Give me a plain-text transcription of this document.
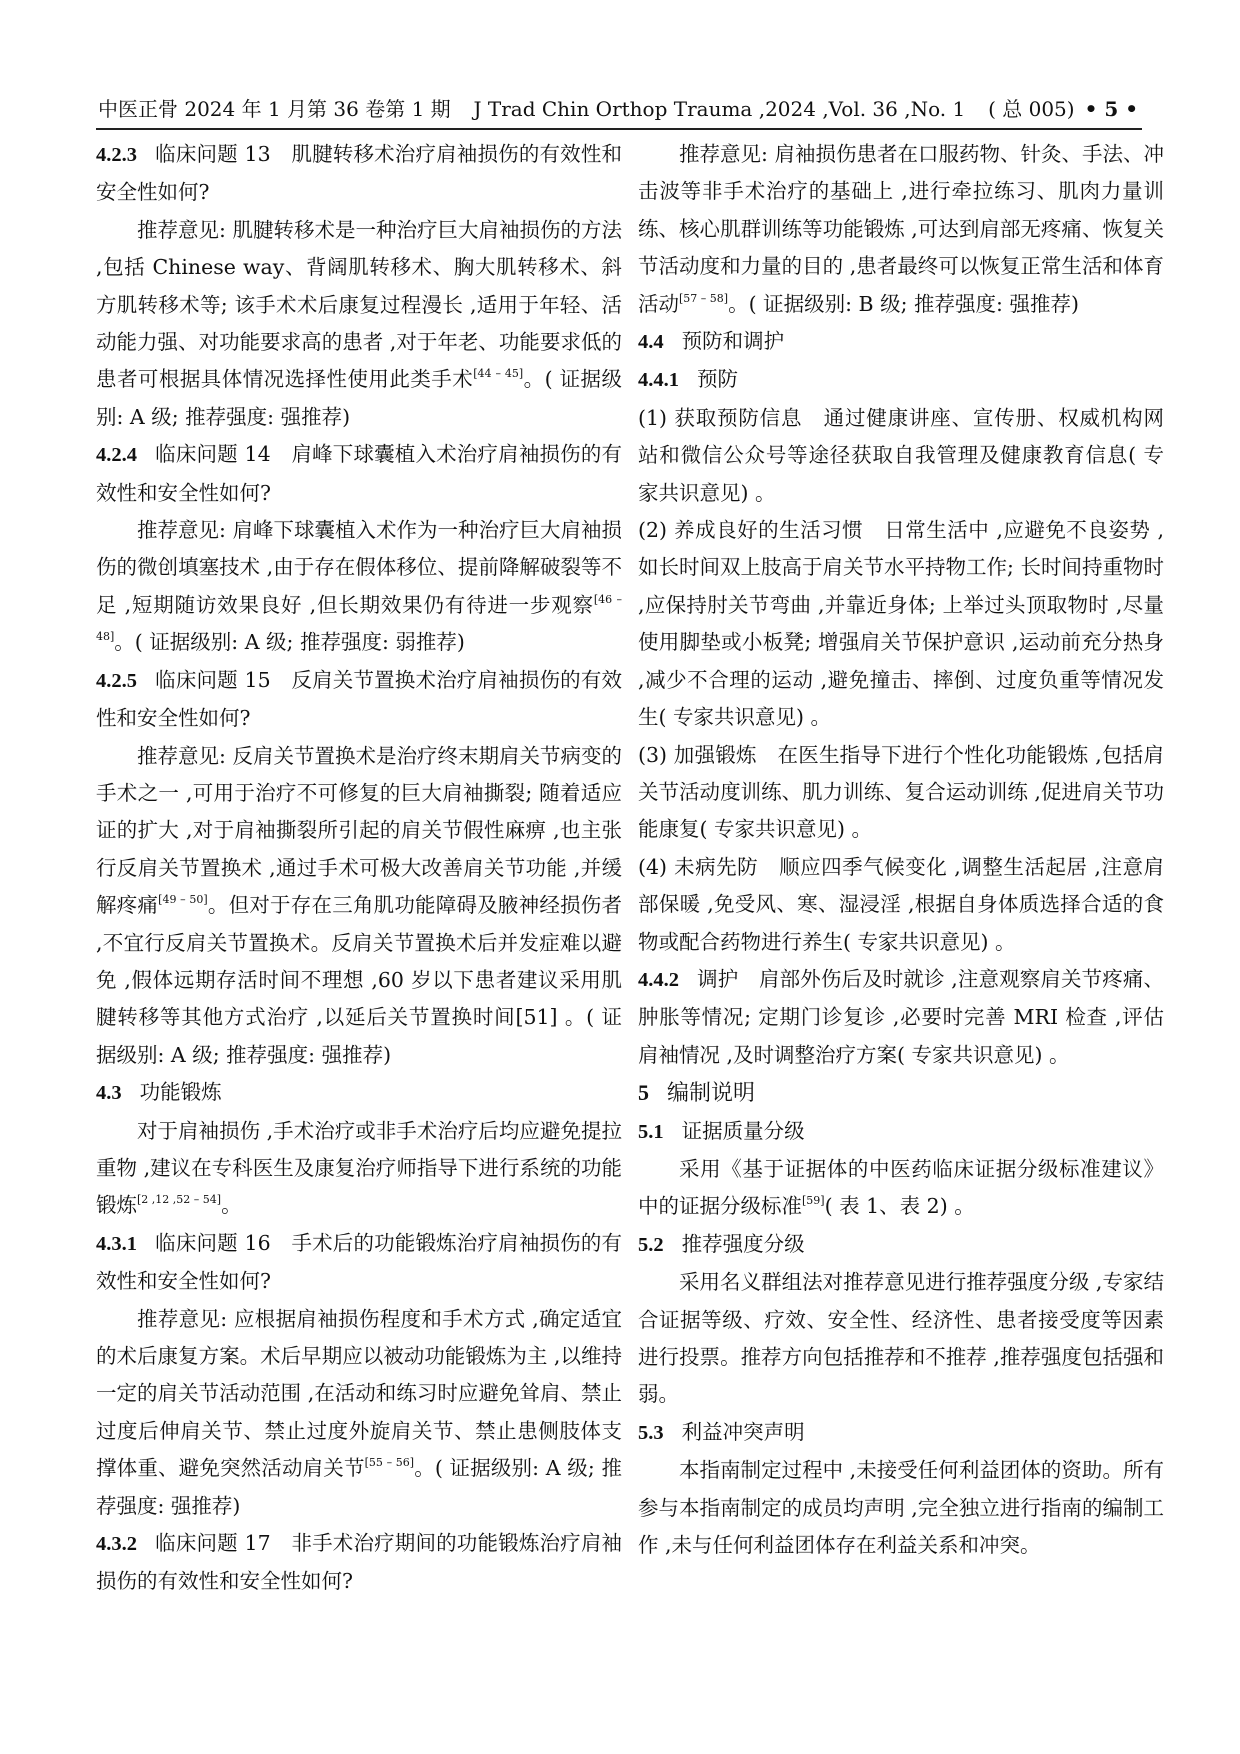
中医正骨 2024 年 1 月第 36 卷第 1 期 J Trad Chin Orthop Trauma ,2024 ,Vol. 36 ,No. 1 ( 总 005) • 5 •

4.2.3 临床问题 13　肌腱转移术治疗肩袖损伤的有效性和安全性如何?

推荐意见: 肌腱转移术是一种治疗巨大肩袖损伤的方法 ,包括 Chinese way、背阔肌转移术、胸大肌转移术、斜方肌转移术等; 该手术术后康复过程漫长 ,适用于年轻、活动能力强、对功能要求高的患者 ,对于年老、功能要求低的患者可根据具体情况选择性使用此类手术[44 – 45]。( 证据级别: A 级; 推荐强度: 强推荐)

4.2.4 临床问题 14　肩峰下球囊植入术治疗肩袖损伤的有效性和安全性如何?

推荐意见: 肩峰下球囊植入术作为一种治疗巨大肩袖损伤的微创填塞技术 ,由于存在假体移位、提前降解破裂等不足 ,短期随访效果良好 ,但长期效果仍有待进一步观察[46 – 48]。( 证据级别: A 级; 推荐强度: 弱推荐)

4.2.5 临床问题 15　反肩关节置换术治疗肩袖损伤的有效性和安全性如何?

推荐意见: 反肩关节置换术是治疗终末期肩关节病变的手术之一 ,可用于治疗不可修复的巨大肩袖撕裂; 随着适应证的扩大 ,对于肩袖撕裂所引起的肩关节假性麻痹 ,也主张行反肩关节置换术 ,通过手术可极大改善肩关节功能 ,并缓解疼痛[49 – 50]。但对于存在三角肌功能障碍及腋神经损伤者 ,不宜行反肩关节置换术。反肩关节置换术后并发症难以避免 ,假体远期存活时间不理想 ,60 岁以下患者建议采用肌腱转移等其他方式治疗 ,以延后关节置换时间[51] 。( 证据级别: A 级; 推荐强度: 强推荐)

4.3 功能锻炼

对于肩袖损伤 ,手术治疗或非手术治疗后均应避免提拉重物 ,建议在专科医生及康复治疗师指导下进行系统的功能锻炼[2 ,12 ,52 – 54]。

4.3.1 临床问题 16　手术后的功能锻炼治疗肩袖损伤的有效性和安全性如何?

推荐意见: 应根据肩袖损伤程度和手术方式 ,确定适宜的术后康复方案。术后早期应以被动功能锻炼为主 ,以维持一定的肩关节活动范围 ,在活动和练习时应避免耸肩、禁止过度后伸肩关节、禁止过度外旋肩关节、禁止患侧肢体支撑体重、避免突然活动肩关节[55 – 56]。( 证据级别: A 级; 推荐强度: 强推荐)

4.3.2 临床问题 17　非手术治疗期间的功能锻炼治疗肩袖损伤的有效性和安全性如何?

推荐意见: 肩袖损伤患者在口服药物、针灸、手法、冲击波等非手术治疗的基础上 ,进行牵拉练习、肌肉力量训练、核心肌群训练等功能锻炼 ,可达到肩部无疼痛、恢复关节活动度和力量的目的 ,患者最终可以恢复正常生活和体育活动[57 – 58]。( 证据级别: B 级; 推荐强度: 强推荐)

4.4 预防和调护

4.4.1 预防

(1) 获取预防信息　通过健康讲座、宣传册、权威机构网站和微信公众号等途径获取自我管理及健康教育信息( 专家共识意见) 。

(2) 养成良好的生活习惯　日常生活中 ,应避免不良姿势 ,如长时间双上肢高于肩关节水平持物工作; 长时间持重物时 ,应保持肘关节弯曲 ,并靠近身体; 上举过头顶取物时 ,尽量使用脚垫或小板凳; 增强肩关节保护意识 ,运动前充分热身 ,减少不合理的运动 ,避免撞击、摔倒、过度负重等情况发生( 专家共识意见) 。

(3) 加强锻炼　在医生指导下进行个性化功能锻炼 ,包括肩关节活动度训练、肌力训练、复合运动训练 ,促进肩关节功能康复( 专家共识意见) 。

(4) 未病先防　顺应四季气候变化 ,调整生活起居 ,注意肩部保暖 ,免受风、寒、湿浸淫 ,根据自身体质选择合适的食物或配合药物进行养生( 专家共识意见) 。

4.4.2 调护　肩部外伤后及时就诊 ,注意观察肩关节疼痛、肿胀等情况; 定期门诊复诊 ,必要时完善 MRI 检查 ,评估肩袖情况 ,及时调整治疗方案( 专家共识意见) 。

5 编制说明

5.1 证据质量分级

采用《基于证据体的中医药临床证据分级标准建议》中的证据分级标准[59]( 表 1、表 2) 。

5.2 推荐强度分级

采用名义群组法对推荐意见进行推荐强度分级 ,专家结合证据等级、疗效、安全性、经济性、患者接受度等因素进行投票。推荐方向包括推荐和不推荐 ,推荐强度包括强和弱。

5.3 利益冲突声明

本指南制定过程中 ,未接受任何利益团体的资助。所有参与本指南制定的成员均声明 ,完全独立进行指南的编制工作 ,未与任何利益团体存在利益关系和冲突。
